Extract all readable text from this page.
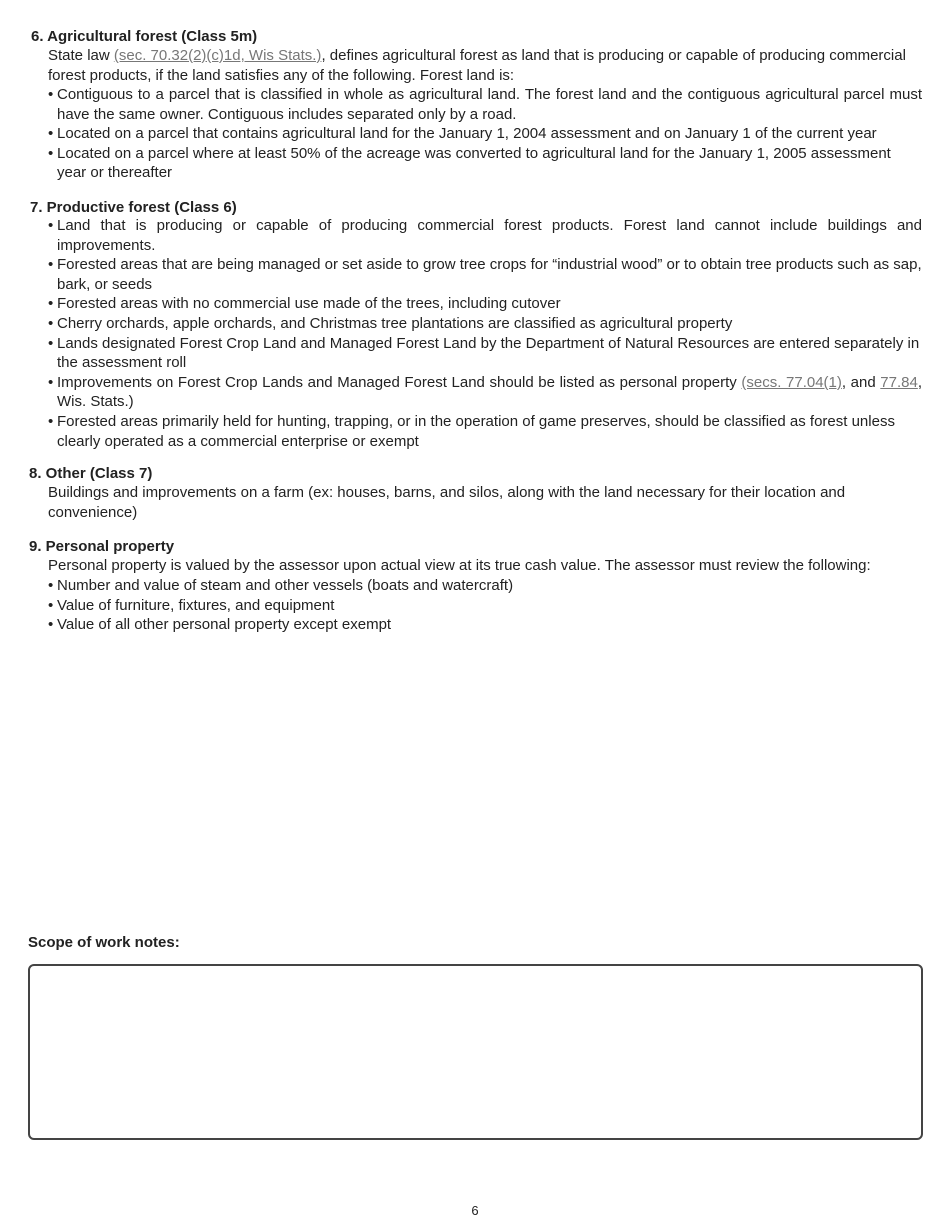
6. Agricultural forest (Class 5m)
State law (sec. 70.32(2)(c)1d, Wis Stats.), defines agricultural forest as land that is producing or capable of producing commercial forest products, if the land satisfies any of the following. Forest land is:
• Contiguous to a parcel that is classified in whole as agricultural land. The forest land and the contiguous agricultural parcel must have the same owner. Contiguous includes separated only by a road.
• Located on a parcel that contains agricultural land for the January 1, 2004 assessment and on January 1 of the current year
• Located on a parcel where at least 50% of the acreage was converted to agricultural land for the January 1, 2005 assessment year or thereafter
7. Productive forest (Class 6)
• Land that is producing or capable of producing commercial forest products. Forest land cannot include buildings and improvements.
• Forested areas that are being managed or set aside to grow tree crops for “industrial wood” or to obtain tree products such as sap, bark, or seeds
• Forested areas with no commercial use made of the trees, including cutover
• Cherry orchards, apple orchards, and Christmas tree plantations are classified as agricultural property
• Lands designated Forest Crop Land and Managed Forest Land by the Department of Natural Resources are entered separately in the assessment roll
• Improvements on Forest Crop Lands and Managed Forest Land should be listed as personal property (secs. 77.04(1), and 77.84, Wis. Stats.)
• Forested areas primarily held for hunting, trapping, or in the operation of game preserves, should be classified as forest unless clearly operated as a commercial enterprise or exempt
8. Other (Class 7)
Buildings and improvements on a farm (ex: houses, barns, and silos, along with the land necessary for their location and convenience)
9. Personal property
Personal property is valued by the assessor upon actual view at its true cash value. The assessor must review the following:
• Number and value of steam and other vessels (boats and watercraft)
• Value of furniture, fixtures, and equipment
• Value of all other personal property except exempt
Scope of work notes:
6
